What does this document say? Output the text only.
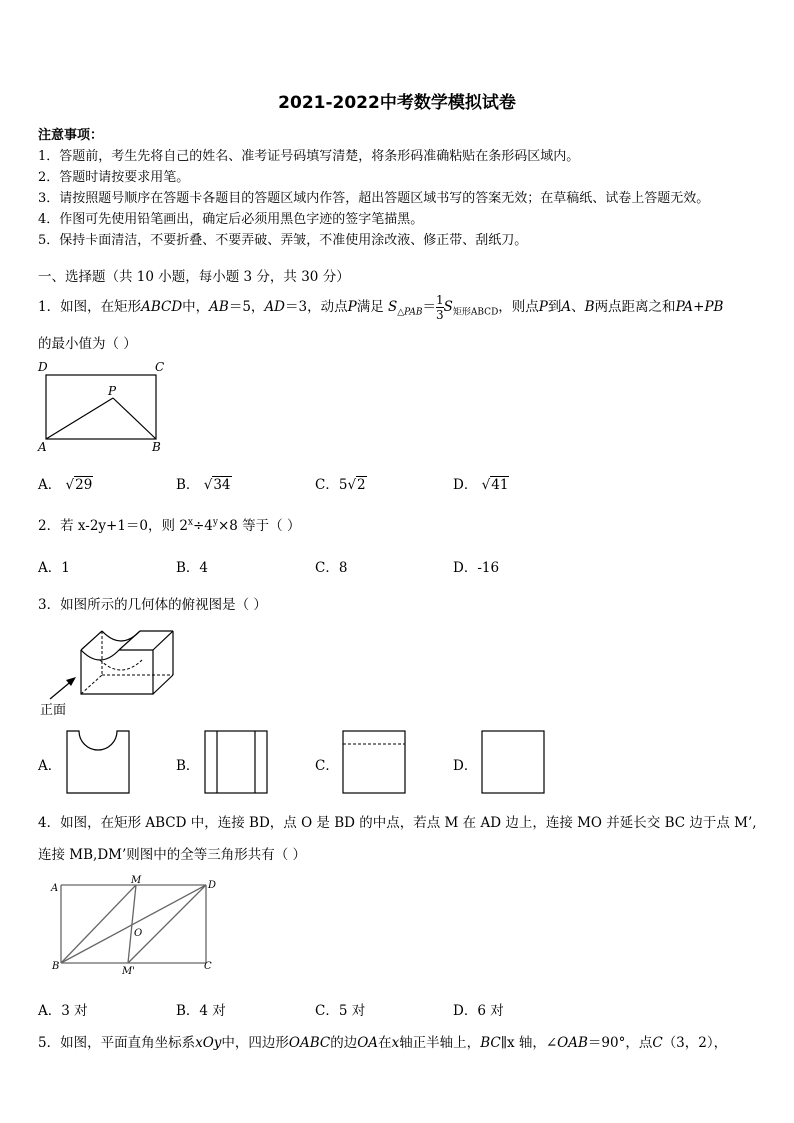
2021-2022中考数学模拟试卷
注意事项：
1．答题前，考生先将自己的姓名、准考证号码填写清楚，将条形码准确粘贴在条形码区域内。
2．答题时请按要求用笔。
3．请按照题号顺序在答题卡各题目的答题区域内作答，超出答题区域书写的答案无效；在草稿纸、试卷上答题无效。
4．作图可先使用铅笔画出，确定后必须用黑色字迹的签字笔描黑。
5．保持卡面清洁，不要折叠、不要弄破、弄皱，不准使用涂改液、修正带、刮纸刀。
一、选择题（共 10 小题，每小题 3 分，共 30 分）
1．如图，在矩形ABCD中，AB＝5，AD＝3，动点P满足 $S_{\triangle PAB}= \frac{1}{3} S_{矩形ABCD}$，则点P到A、B两点距离之和PA+PB
的最小值为（ ）
D	C
P
A	B
A． √29	B． √34	C．5√2	D． √41
2．若 x-2y+1＝0，则 $2^x\div 4^y\times 8$ 等于（ ）
A．1	B．4	C．8	D．-16
3．如图所示的几何体的俯视图是（ ）
正面
A．	B．	C．	D．
4．如图，在矩形 ABCD 中，连接 BD，点 O 是 BD 的中点，若点 M 在 AD 边上，连接 MO 并延长交 BC 边于点 M’,
连接 MB,DM’则图中的全等三角形共有（ ）
A
M	D
O
B	M'	C
A．3 对	B．4 对	C．5 对	D．6 对
5．如图，平面直角坐标系xOy中，四边形OABC的边OA在x轴正半轴上，BC∥x 轴，∠OAB＝90°，点C（3，2），
